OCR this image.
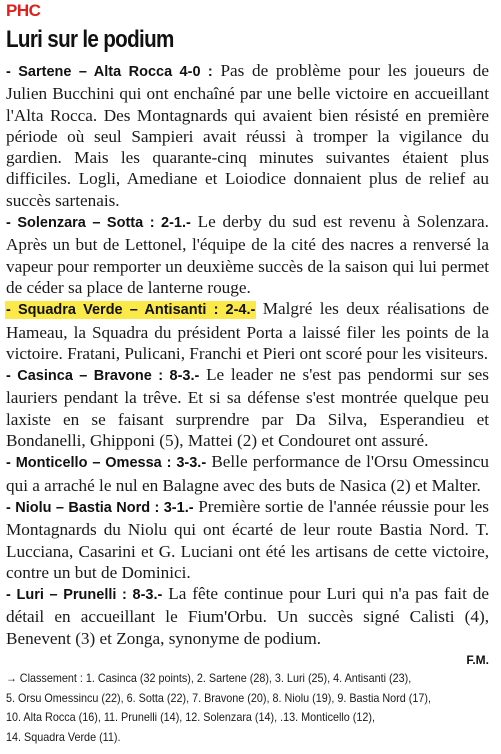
PHC
Luri sur le podium

- Sartene – Alta Rocca 4-0 : Pas de problème pour les joueurs de Julien Bucchini qui ont enchaîné par une belle victoire en accueillant l'Alta Rocca. Des Montagnards qui avaient bien résisté en première période où seul Sampieri avait réussi à tromper la vigilance du gardien. Mais les quarante-cinq minutes suivantes étaient plus difficiles. Logli, Amediane et Loiodice donnaient plus de relief au succès sartenais.

- Solenzara – Sotta : 2-1.- Le derby du sud est revenu à Solenzara. Après un but de Lettonel, l'équipe de la cité des nacres a renversé la vapeur pour remporter un deuxième succès de la saison qui lui permet de céder sa place de lanterne rouge.

- Squadra Verde – Antisanti : 2-4.- Malgré les deux réalisations de Hameau, la Squadra du président Porta a laissé filer les points de la victoire. Fratani, Pulicani, Franchi et Pieri ont scoré pour les visiteurs.

- Casinca – Bravone : 8-3.- Le leader ne s'est pas pendormi sur ses lauriers pendant la trêve. Et si sa défense s'est montrée quelque peu laxiste en se faisant surprendre par Da Silva, Esperandieu et Bondanelli, Ghipponi (5), Mattei (2) et Condouret ont assuré.

- Monticello – Omessa : 3-3.- Belle performance de l'Orsu Omessincu qui a arraché le nul en Balagne avec des buts de Nasica (2) et Malter.

- Niolu – Bastia Nord : 3-1.- Première sortie de l'année réussie pour les Montagnards du Niolu qui ont écarté de leur route Bastia Nord. T. Lucciana, Casarini et G. Luciani ont été les artisans de cette victoire, contre un but de Dominici.

- Luri – Prunelli : 8-3.- La fête continue pour Luri qui n'a pas fait de détail en accueillant le Fium'Orbu. Un succès signé Calisti (4), Benevent (3) et Zonga, synonyme de podium.

F.M.
→ Classement : 1. Casinca (32 points), 2. Sartene (28), 3. Luri (25), 4. Antisanti (23),
5. Orsu Omessincu (22), 6. Sotta (22), 7. Bravone (20), 8. Niolu (19), 9. Bastia Nord (17),
10. Alta Rocca (16), 11. Prunelli (14), 12. Solenzara (14), .13. Monticello (12),
14. Squadra Verde (11).
